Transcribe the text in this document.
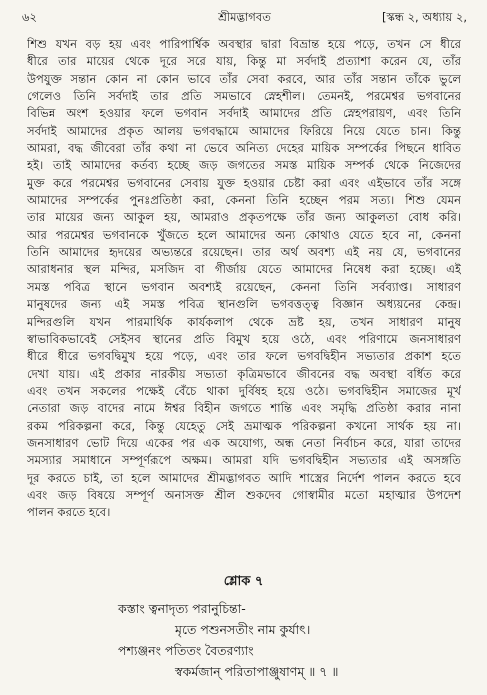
৬২	শ্রীমদ্ভাগবত	[স্কন্ধ ২, অধ্যায় ২,
শিশু যখন বড় হয় এবং পারিপার্শ্বিক অবস্থার দ্বারা বিভ্রান্ত হয়ে পড়ে, তখন সে ধীরে
ধীরে তার মায়ের থেকে দূরে সরে যায়, কিন্তু মা সর্বদাই প্রত্যাশা করেন যে, তাঁর
উপযুক্ত সন্তান কোন না কোন ভাবে তাঁর সেবা করবে, আর তাঁর সন্তান তাঁকে ভুলে
গেলেও তিনি সর্বদাই তার প্রতি সমভাবে স্নেহশীল। তেমনই, পরমেশ্বর ভগবানের
বিভিন্ন অংশ হওয়ার ফলে ভগবান সর্বদাই আমাদের প্রতি স্নেহপরায়ণ, এবং তিনি
সর্বদাই আমাদের প্রকৃত আলয় ভগবদ্ধামে আমাদের ফিরিয়ে নিয়ে যেতে চান। কিন্তু
আমরা, বদ্ধ জীবেরা তাঁর কথা না ভেবে অনিত্য দেহের মায়িক সম্পর্কের পিছনে ধাবিত
হই। তাই আমাদের কর্তব্য হচ্ছে জড় জগতের সমস্ত মায়িক সম্পর্ক থেকে নিজেদের
মুক্ত করে পরমেশ্বর ভগবানের সেবায় যুক্ত হওয়ার চেষ্টা করা এবং এইভাবে তাঁর সঙ্গে
আমাদের সম্পর্কের পুনঃপ্রতিষ্ঠা করা, কেননা তিনি হচ্ছেন পরম সত্য। শিশু যেমন
তার মায়ের জন্য আকুল হয়, আমরাও প্রকৃতপক্ষে তাঁর জন্য আকুলতা বোধ করি।
আর পরমেশ্বর ভগবানকে খুঁজতে হলে আমাদের অন্য কোথাও যেতে হবে না, কেননা
তিনি আমাদের হৃদয়ের অভ্যন্তরে রয়েছেন। তার অর্থ অবশ্য এই নয় যে, ভগবানের
আরাধনার স্থল মন্দির, মসজিদ বা গীর্জায় যেতে আমাদের নিষেধ করা হচ্ছে। এই
সমস্ত পবিত্র স্থানে ভগবান অবশ্যই রয়েছেন, কেননা তিনি সর্বব্যাপ্ত। সাধারণ
মানুষদের জন্য এই সমস্ত পবিত্র স্থানগুলি ভগবত্তত্ত্ব বিজ্ঞান অধ্যয়নের কেন্দ্র।
মন্দিরগুলি যখন পারমার্থিক কার্যকলাপ থেকে ভ্রষ্ট হয়, তখন সাধারণ মানুষ
স্বাভাবিকভাবেই সেইসব স্থানের প্রতি বিমুখ হয়ে ওঠে, এবং পরিণামে জনসাধারণ
ধীরে ধীরে ভগবদ্বিমুখ হয়ে পড়ে, এবং তার ফলে ভগবদ্বিহীন সভ্যতার প্রকাশ হতে
দেখা যায়। এই প্রকার নারকীয় সভ্যতা কৃত্রিমভাবে জীবনের বদ্ধ অবস্থা বর্ধিত করে
এবং তখন সকলের পক্ষেই বেঁচে থাকা দুর্বিষহ হয়ে ওঠে। ভগবদ্বিহীন সমাজের মূর্খ
নেতারা জড় বাদের নামে ঈশ্বর বিহীন জগতে শান্তি এবং সমৃদ্ধি প্রতিষ্ঠা করার নানা
রকম পরিকল্পনা করে, কিন্তু যেহেতু সেই ভ্রমাত্মক পরিকল্পনা কখনো সার্থক হয় না।
জনসাধারণ ভোট দিয়ে একের পর এক অযোগ্য, অন্ধ নেতা নির্বাচন করে, যারা তাদের
সমস্যার সমাধানে সম্পূর্ণরূপে অক্ষম। আমরা যদি ভগবদ্বিহীন সভ্যতার এই অসঙ্গতি
দূর করতে চাই, তা হলে আমাদের শ্রীমদ্ভাগবত আদি শাস্ত্রের নির্দেশ পালন করতে হবে
এবং জড় বিষয়ে সম্পূর্ণ অনাসক্ত শ্রীল শুকদেব গোস্বামীর মতো মহাত্মার উপদেশ
পালন করতে হবে।
শ্লোক ৭
কস্তাং ত্বনাদৃত্য পরানুচিন্তা-
মৃতে পশুনসতীং নাম কুর্যাৎ।
পশ্যঞ্জনং পতিতং বৈতরণ্যাং
স্বকর্মজান্ পরিতাপাঞ্জুষাণম্ ॥ ৭ ॥
